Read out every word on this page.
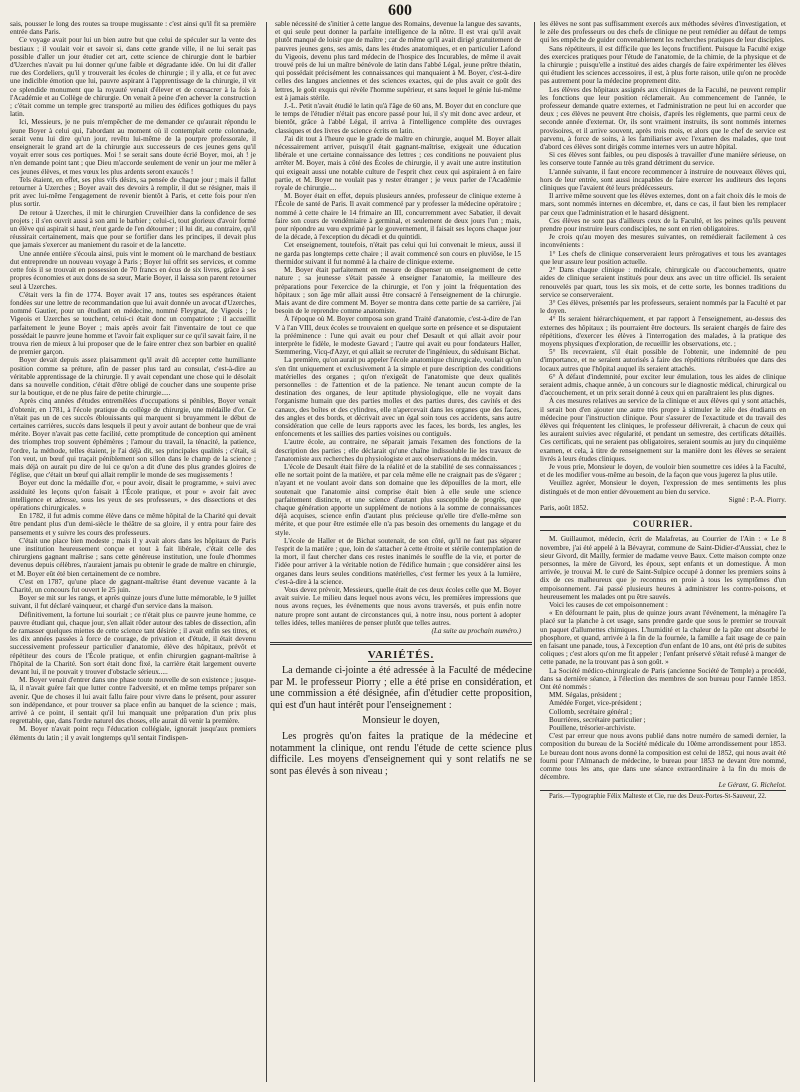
600

sais, pousser le long des routes sa troupe mugissante : c'est ainsi qu'il fit sa première entrée dans Paris.

Ce voyage avait pour lui un bien autre but que celui de spéculer sur la vente des bestiaux ; il voulait voir et savoir si, dans cette grande ville, il ne lui serait pas possible d'aller un jour étudier cet art, cette science de chirurgie dont le barbier d'Uzerches n'avait pu lui donner qu'une faible et dégradante idée. On lui dit d'aller rue des Cordeliers, qu'il y trouverait les écoles de chirurgie ; il y alla, et ce fut avec une indicible émotion que lui, pauvre aspirant à l'apprentissage de la chirurgie, il vit ce splendide monument que la royauté venait d'élever et de consacrer à la fois à l'Académie et au Collège de chirurgie. On venait à peine d'en achever la construction ; c'était comme un temple grec transporté au milieu des édifices gothiques du pays latin.

Ici, Messieurs, je ne puis m'empêcher de me demander ce qu'aurait répondu le jeune Boyer à celui qui, l'abordant au moment où il contemplait cette colonnade, serait venu lui dire qu'un jour, revêtu lui-même de la pourpre professorale, il enseignerait le grand art de la chirurgie aux successeurs de ces jeunes gens qu'il voyait errer sous ces portiques. Moi ! se serait sans doute écrié Boyer, moi, ah ! je n'en demande point tant ; que Dieu m'accorde seulement de venir un jour me mêler à ces jeunes élèves, et mes vœux les plus ardents seront exaucés !

Tels étaient, en effet, ses plus vifs désirs, sa pensée de chaque jour ; mais il fallut retourner à Uzerches ; Boyer avait des devoirs à remplir, il dut se résigner, mais il prit avec lui-même l'engagement de revenir bientôt à Paris, et cette fois pour n'en plus sortir.

De retour à Uzerches, il mit le chirurgien Cruveilhier dans la confidence de ses projets ; il s'en ouvrit aussi à son ami le barbier ; celui-ci, tout glorieux d'avoir formé un élève qui aspirait si haut, n'eut garde de l'en détourner ; il lui dit, au contraire, qu'il réussirait certainement, mais que pour se fortifier dans les principes, il devait plus que jamais s'exercer au maniement du rasoir et de la lancette.

Une année entière s'écoula ainsi, puis vint le moment où le marchand de bestiaux dut entreprendre un nouveau voyage à Paris ; Boyer lui offrit ses services, et comme cette fois il se trouvait en possession de 70 francs en écus de six livres, grâce à ses propres économies et aux dons de sa sœur, Marie Boyer, il laissa son parent retourner seul à Uzerches.

C'était vers la fin de 1774. Boyer avait 17 ans, toutes ses espérances étaient fondées sur une lettre de recommandation que lui avait donnée un avocat d'Uzerches, nommé Gautier, pour un étudiant en médecine, nommé Fleygnat, de Vigeois ; le Vigeois et Uzerches se touchent, celui-ci était donc un compatriote ; il accueillit parfaitement le jeune Boyer ; mais après avoir fait l'inventaire de tout ce que possédait le pauvre jeune homme et l'avoir fait expliquer sur ce qu'il savait faire, il ne trouva rien de mieux à lui proposer que de le faire entrer chez son barbier en qualité de premier garçon.

Boyer devait depuis assez plaisamment qu'il avait dû accepter cette humiliante position comme sa préture, afin de passer plus tard au consulat, c'est-à-dire au véritable apprentissage de la chirurgie. Il y avait cependant une chose qui le désolait dans sa nouvelle condition, c'était d'être obligé de coucher dans une soupente prise sur la boutique, et de ne plus faire de petite chirurgie.....

Après cinq années d'études entremêlées d'occupations si pénibles, Boyer venait d'obtenir, en 1781, à l'école pratique du collège de chirurgie, une médaille d'or. Ce n'était pas un de ces succès éblouissants qui marquent si bruyamment le début de certaines carrières, succès dans lesquels il peut y avoir autant de bonheur que de vrai mérite. Boyer n'avait pas cette facilité, cette promptitude de conception qui amènent des triomphes trop souvent éphémères ; l'amour du travail, la ténacité, la patience, l'ordre, la méthode, telles étaient, je l'ai déjà dit, ses principales qualités ; c'était, si l'on veut, un bœuf qui traçait péniblement son sillon dans le champ de la science ; mais déjà on aurait pu dire de lui ce qu'on a dit d'une des plus grandes gloires de l'église, que c'était un bœuf qui allait remplir le monde de ses mugissements !

Boyer eut donc la médaille d'or, « pour avoir, disait le programme, » suivi avec assiduité les leçons qu'on faisait à l'École pratique, et pour » avoir fait avec intelligence et adresse, sous les yeux de ses professeurs, » des dissections et des opérations chirurgicales. »

En 1782, il fut admis comme élève dans ce même hôpital de la Charité qui devait être pendant plus d'un demi-siècle le théâtre de sa gloire, il y entra pour faire des pansements et y suivre les cours des professeurs.

C'était une place bien modeste ; mais il y avait alors dans les hôpitaux de Paris une institution heureusement conçue et tout à fait libérale, c'était celle des chirurgiens gagnant maîtrise ; sans cette généreuse institution, une foule d'hommes devenus depuis célèbres, n'auraient jamais pu obtenir le grade de maître en chirurgie, et M. Boyer eût été bien certainement de ce nombre.

C'est en 1787, qu'une place de gagnant-maîtrise étant devenue vacante à la Charité, un concours fut ouvert le 25 juin.

Boyer se mit sur les rangs, et après quinze jours d'une lutte mémorable, le 9 juillet suivant, il fut déclaré vainqueur, et chargé d'un service dans la maison.

Définitivement, la fortune lui souriait ; ce n'était plus ce pauvre jeune homme, ce pauvre étudiant qui, chaque jour, s'en allait rôder autour des tables de dissection, afin de ramasser quelques miettes de cette science tant désirée ; il avait enfin ses titres, et les dix années passées à force de courage, de privation et d'étude, il était devenu successivement professeur particulier d'anatomie, élève des hôpitaux, prévôt et répétiteur des cours de l'École pratique, et enfin chirurgien gagnant-maîtrise à l'hôpital de la Charité. Son sort était donc fixé, la carrière était largement ouverte devant lui, il ne pouvait y trouver d'obstacle sérieux.....

M. Boyer venait d'entrer dans une phase toute nouvelle de son existence ; jusque-là, il n'avait guère fait que lutter contre l'adversité, et en même temps préparer son avenir. Que de choses il lui avait fallu faire pour vivre dans le présent, pour assurer son indépendance, et pour trouver sa place enfin au banquet de la science ; mais, arrivé à ce point, il sentait qu'il lui manquait une préparation d'un prix plus regrettable, que, dans l'ordre naturel des choses, elle aurait dû venir la première.

M. Boyer n'avait point reçu l'éducation collégiale, ignorait jusqu'aux premiers éléments du latin ; il y avait longtemps qu'il sentait l'indispen-

sable nécessité de s'initier à cette langue des Romains, devenue la langue des savants, et qui seule peut donner la parfaite intelligence de la nôtre. Il est vrai qu'il avait plutôt manqué de loisir que de maître ; car de même qu'il avait dirigé gratuitement de pauvres jeunes gens, ses amis, dans les études anatomiques, et en particulier Lafond du Vigeois, devenu plus tard médecin de l'hospice des Incurables, de même il avait trouvé près de lui un maître bénévole de latin dans l'abbé Légal, jeune prêtre théatin, qui possédait précisément les connaissances qui manquaient à M. Boyer, c'est-à-dire celles des langues anciennes et des sciences exactes, qui de plus avait ce goût des lettres, le goût exquis qui révèle l'homme supérieur, et sans lequel le génie lui-même est à jamais stérile.

J.-L. Petit n'avait étudié le latin qu'à l'âge de 60 ans, M. Boyer dut en conclure que le temps de l'étudier n'était pas encore passé pour lui, il s'y mit donc avec ardeur, et bientôt, grâce à l'abbé Légal, il arriva à l'intelligence complète des ouvrages classiques et des livres de science écrits en latin.

J'ai dit tout à l'heure que le grade de maître en chirurgie, auquel M. Boyer allait nécessairement arriver, puisqu'il était gagnant-maîtrise, exigeait une éducation libérale et une certaine connaissance des lettres ; ces conditions ne pouvaient plus arrêter M. Boyer, mais à côté des Écoles de chirurgie, il y avait une autre institution qui exigeait aussi une notable culture de l'esprit chez ceux qui aspiraient à en faire partie, et M. Boyer ne voulait pas y rester étranger ; je veux parler de l'Académie royale de chirurgie....

M. Boyer était en effet, depuis plusieurs années, professeur de clinique externe à l'École de santé de Paris. Il avait commencé par y professer la médecine opératoire ; nommé à cette chaire le 14 frimaire an III, concurremment avec Sabatier, il devait faire son cours de vendémiaire à germinal, et seulement de deux jours l'un ; mais, pour répondre au vœu exprimé par le gouvernement, il faisait ses leçons chaque jour de la décade, à l'exception du décadi et du quintidi.

Cet enseignement, toutefois, n'était pas celui qui lui convenait le mieux, aussi il ne garda pas longtemps cette chaire ; il avait commencé son cours en pluviôse, le 15 thermidor suivant il fut nommé à la chaire de clinique externe.

M. Boyer était parfaitement en mesure de dispenser un enseignement de cette nature ; sa jeunesse s'était passée à enseigner l'anatomie, la meilleure des préparations pour l'exercice de la chirurgie, et l'on y joint la fréquentation des hôpitaux ; son âge mûr allait aussi être consacré à l'enseignement de la chirurgie. Mais avant de dire comment M. Boyer se montra dans cette partie de sa carrière, j'ai besoin de le reprendre comme anatomiste.

À l'époque où M. Boyer composa son grand Traité d'anatomie, c'est-à-dire de l'an V à l'an VIII, deux écoles se trouvaient en quelque sorte en présence et se disputaient la prééminence : l'une qui avait eu pour chef Desault et qui allait avoir pour interprète le fidèle, le modeste Gavard ; l'autre qui avait eu pour fondateurs Haller, Sœmmering, Vicq-d'Azyr, et qui allait se recruter de l'ingénieux, du séduisant Bichat.

La première, qu'on aurait pu appeler l'école anatomique chirurgicale, voulait qu'on s'en tînt uniquement et exclusivement à la simple et pure description des conditions matérielles des organes ; qu'on n'exigeât de l'anatomiste que deux qualités personnelles : de l'attention et de la patience. Ne tenant aucun compte de la destination des organes, de leur aptitude physiologique, elle ne voyait dans l'organisme humain que des parties molles et des parties dures, des cavités et des canaux, des boîtes et des cylindres, elle n'apercevait dans les organes que des faces, des angles et des bords, et décrivait avec un égal soin tous ces accidents, sans autre considération que celle de leurs rapports avec les faces, les bords, les angles, les enfoncements et les saillies des parties voisines ou contiguës.

L'autre école, au contraire, ne séparait jamais l'examen des fonctions de la description des parties ; elle déclarait qu'une chaîne indissoluble lie les travaux de l'anatomiste aux recherches du physiologiste et aux observations du médecin.

L'école de Desault était fière de la réalité et de la stabilité de ses connaissances ; elle ne sortait point de la matière, et par cela même elle ne craignait pas de s'égarer ; n'ayant et ne voulant avoir dans son domaine que les dépouilles de la mort, elle soutenait que l'anatomie ainsi comprise était bien à elle seule une science parfaitement distincte, et une science d'autant plus susceptible de progrès, que chaque génération apporte un supplément de notions à la somme de connaissances déjà acquises, science enfin d'autant plus précieuse qu'elle tire d'elle-même son mérite, et que pour être estimée elle n'a pas besoin des ornements du langage et du style.

L'école de Haller et de Bichat soutenait, de son côté, qu'il ne faut pas séparer l'esprit de la matière ; que, loin de s'attacher à cette étroite et stérile contemplation de la mort, il faut chercher dans ces restes inanimés le souffle de la vie, et porter de l'idée pour arriver à la véritable notion de l'édifice humain ; que considérer ainsi les organes dans leurs seules conditions matérielles, c'est fermer les yeux à la lumière, c'est-à-dire à la science.

Vous devez prévoir, Messieurs, quelle était de ces deux écoles celle que M. Boyer avait suivie. Le milieu dans lequel nous avons vécu, les premières impressions que nous avons reçues, les événements que nous avons traversés, et puis enfin notre nature propre sont autant de circonstances qui, à notre insu, nous portent à adopter telles idées, telles manières de penser plutôt que telles autres.

(La suite au prochain numéro.)

VARIÉTÉS.

La demande ci-jointe a été adressée à la Faculté de médecine par M. le professeur Piorry ; elle a été prise en considération, et une commission a été désignée, afin d'étudier cette proposition, qui est d'un haut intérêt pour l'enseignement :

Monsieur le doyen,

Les progrès qu'on faites la pratique de la médecine et notamment la clinique, ont rendu l'étude de cette science plus difficile. Les moyens d'enseignement qui y sont relatifs ne se sont pas élevés à son niveau ;

les élèves ne sont pas suffisamment exercés aux méthodes sévères d'investigation, et le zèle des professeurs ou des chefs de clinique ne peut remédier au défaut de temps qui les empêche de guider convenablement les recherches pratiques de leur disciples.

Sans répétiteurs, il est difficile que les leçons fructifient. Puisque la Faculté exige des exercices pratiques pour l'étude de l'anatomie, de la chimie, de la physique et de la chirurgie ; puisqu'elle a institué des aides chargés de faire expérimenter les élèves qui étudient les sciences accessoires, il est, à plus forte raison, utile qu'on ne procède pas autrement pour la médecine proprement dite.

Les élèves des hôpitaux assignés aux cliniques de la Faculté, ne peuvent remplir les fonctions que leur position réclamerait. Au commencement de l'année, le professeur demande quatre externes, et l'administration ne peut lui en accorder que deux ; ces élèves ne peuvent être choisis, d'après les règlements, que parmi ceux de seconde année d'externat. Or, ils sont vraiment instruits, ils sont nommés internes provisoires, et il arrive souvent, après trois mois, et alors que le chef de service est parvenu, à force de soins, à les familiariser avec l'examen des malades, que tout d'abord ces élèves sont dirigés comme internes vers un autre hôpital.

Si ces élèves sont faibles, ou peu disposés à travailler d'une manière sérieuse, on les conserve toute l'année au très grand détriment du service.

L'année suivante, il faut encore recommencer à instruire de nouveaux élèves qui, hors de leur entrée, sont aussi incapables de faire exercer les auditeurs des leçons cliniques que l'avaient été leurs prédécesseurs.

Il arrive même souvent que les élèves externes, dont on a fait choix dès le mois de mars, sont nommés internes en décembre, et, dans ce cas, il faut bien les remplacer par ceux que l'administration et le hasard désignent.

Ces élèves ne sont pas d'ailleurs ceux de la Faculté, et les peines qu'ils peuvent prendre pour instruire leurs condisciples, ne sont en rien obligatoires.

Je crois qu'au moyen des mesures suivantes, on remédierait facilement à ces inconvénients :

1° Les chefs de clinique conserveraient leurs prérogatives et tous les avantages que leur assure leur position actuelle.

2° Dans chaque clinique : médicale, chirurgicale ou d'accouchements, quatre aides de clinique seraient institués pour deux ans avec un titre officiel. Ils seraient renouvelés par quart, tous les six mois, et de cette sorte, les bonnes traditions du service se conserveraient.

3° Ces élèves, présentés par les professeurs, seraient nommés par la Faculté et par le doyen.

4° Ils seraient hiérarchiquement, et par rapport à l'enseignement, au-dessus des externes des hôpitaux ; ils pourraient être docteurs. Ils seraient chargés de faire des répétitions, d'exercer les élèves à l'interrogation des malades, à la pratique des moyens physiques d'exploration, de recueillir les observations, etc. ;

5° Ils recevraient, s'il était possible de l'obtenir, une indemnité de peu d'importance, et ne seraient autorisés à faire des répétitions rétribuées que dans des locaux autres que l'hôpital auquel ils seraient attachés.

6° À défaut d'indemnité, pour exciter leur émulation, tous les aides de clinique seraient admis, chaque année, à un concours sur le diagnostic médical, chirurgical ou d'accouchement, et un prix serait donné à ceux qui en paraîtraient les plus dignes.

À ces mesures relatives au service de la clinique et aux élèves qui y sont attachés, il serait bon d'en ajouter une autre très propre à stimuler le zèle des étudiants en médecine pour l'instruction clinique. Pour s'assurer de l'exactitude et du travail des élèves qui fréquentent les cliniques, le professeur délivrerait, à chacun de ceux qui les auraient suivies avec régularité, et pendant un semestre, des certificats détaillés. Ces certificats, qui ne seraient pas obligatoires, seraient soumis au jury du cinquième examen, et cela, à titre de renseignement sur la manière dont les élèves se seraient livrés à leurs études cliniques.

Je vous prie, Monsieur le doyen, de vouloir bien soumettre ces idées à la Faculté, et de les modifier vous-même au besoin, de la façon que vous jugerez la plus utile.

Veuillez agréer, Monsieur le doyen, l'expression de mes sentiments les plus distingués et de mon entier dévouement au bien du service.

Signé : P.-A. Piorry.

Paris, août 1852.

COURRIER.

M. Guillaumot, médecin, écrit de Malafretas, au Courrier de l'Ain : « Le 8 novembre, j'ai été appelé à la Bévayrat, commune de Saint-Didier-d'Aussiat, chez le sieur Givord, dit Mailly, fermier de madame veuve Baux. Cette maison compte onze personnes, la mère de Givord, les époux, sept enfants et un domestique. À mon arrivée, je trouvai M. le curé de Saint-Sulpice occupé à donner les premiers soins à dix de ces malheureux que je reconnus en proie à tous les symptômes d'un empoisonnement. J'ai passé plusieurs heures à administrer les contre-poisons, et heureusement les malades ont pu être sauvés.

Voici les causes de cet empoisonnement :

« En défournant le pain, plus de quinze jours avant l'événement, la ménagère l'a placé sur la planche à cet usage, sans prendre garde que sous le premier se trouvait un paquet d'allumettes chimiques. L'humidité et la chaleur de la pâte ont absorbé le phosphore, et quand, arrivée à la fin de la fournée, la famille a fait usage de ce pain en faisant une panade, tous, à l'exception d'un enfant de 10 ans, ont été pris de subites coliques ; c'est alors qu'on me fit appeler ; l'enfant préservé s'était refusé à manger de cette panade, ne la trouvant pas à son goût. »

La Société médico-chirurgicale de Paris (ancienne Société de Temple) a procédé, dans sa dernière séance, à l'élection des membres de son bureau pour l'année 1853. Ont été nommés :

MM. Ségalas, président ;

Amédée Forget, vice-président ;

Collomb, secrétaire général ;

Bourrières, secrétaire particulier ;

Pouillene, trésorier-archiviste.

C'est par erreur que nous avons publié dans notre numéro de samedi dernier, la composition du bureau de la Société médicale du 10ème arrondissement pour 1853. Le bureau dont nous avons donné la composition est celui de 1852, qui nous avait été fourni pour l'Almanach de médecine, le bureau pour 1853 ne devant être nommé, comme tous les ans, que dans une séance extraordinaire à la fin du mois de décembre.

Le Gérant, G. Richelot.

Paris.—Typographie Félix Malteste et Cie, rue des Deux-Portes-St-Sauveur, 22.
